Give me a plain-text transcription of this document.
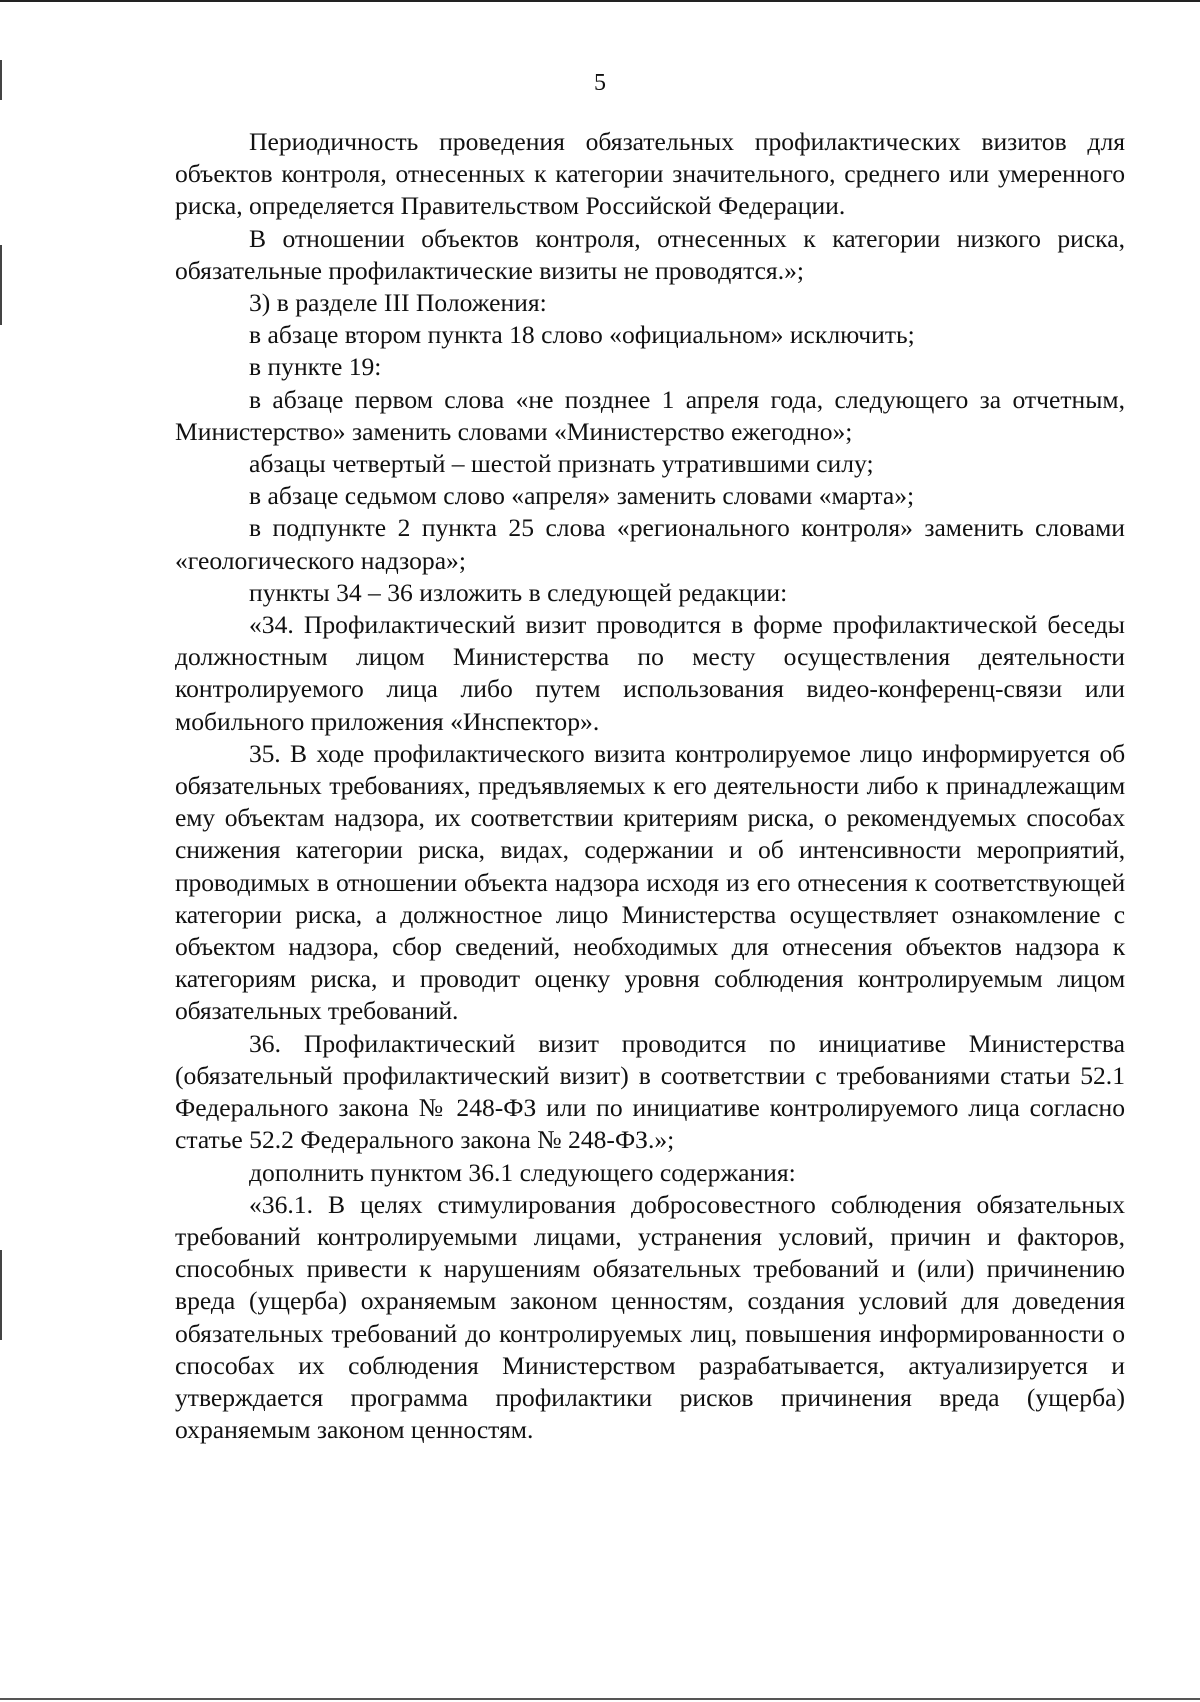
5

Периодичность проведения обязательных профилактических визитов для объектов контроля, отнесенных к категории значительного, среднего или умеренного риска, определяется Правительством Российской Федерации.

В отношении объектов контроля, отнесенных к категории низкого риска, обязательные профилактические визиты не проводятся.»;

3) в разделе III Положения:

в абзаце втором пункта 18 слово «официальном» исключить;

в пункте 19:

в абзаце первом слова «не позднее 1 апреля года, следующего за отчетным, Министерство» заменить словами «Министерство ежегодно»;

абзацы четвертый – шестой признать утратившими силу;

в абзаце седьмом слово «апреля» заменить словами «марта»;

в подпункте 2 пункта 25 слова «регионального контроля» заменить словами «геологического надзора»;

пункты 34 – 36 изложить в следующей редакции:

«34. Профилактический визит проводится в форме профилактической беседы должностным лицом Министерства по месту осуществления деятельности контролируемого лица либо путем использования видео-конференц-связи или мобильного приложения «Инспектор».

35. В ходе профилактического визита контролируемое лицо информируется об обязательных требованиях, предъявляемых к его деятельности либо к принадлежащим ему объектам надзора, их соответствии критериям риска, о рекомендуемых способах снижения категории риска, видах, содержании и об интенсивности мероприятий, проводимых в отношении объекта надзора исходя из его отнесения к соответствующей категории риска, а должностное лицо Министерства осуществляет ознакомление с объектом надзора, сбор сведений, необходимых для отнесения объектов надзора к категориям риска, и проводит оценку уровня соблюдения контролируемым лицом обязательных требований.

36. Профилактический визит проводится по инициативе Министерства (обязательный профилактический визит) в соответствии с требованиями статьи 52.1 Федерального закона № 248-ФЗ или по инициативе контролируемого лица согласно статье 52.2 Федерального закона № 248-ФЗ.»;

дополнить пунктом 36.1 следующего содержания:

«36.1. В целях стимулирования добросовестного соблюдения обязательных требований контролируемыми лицами, устранения условий, причин и факторов, способных привести к нарушениям обязательных требований и (или) причинению вреда (ущерба) охраняемым законом ценностям, создания условий для доведения обязательных требований до контролируемых лиц, повышения информированности о способах их соблюдения Министерством разрабатывается, актуализируется и утверждается программа профилактики рисков причинения вреда (ущерба) охраняемым законом ценностям.
